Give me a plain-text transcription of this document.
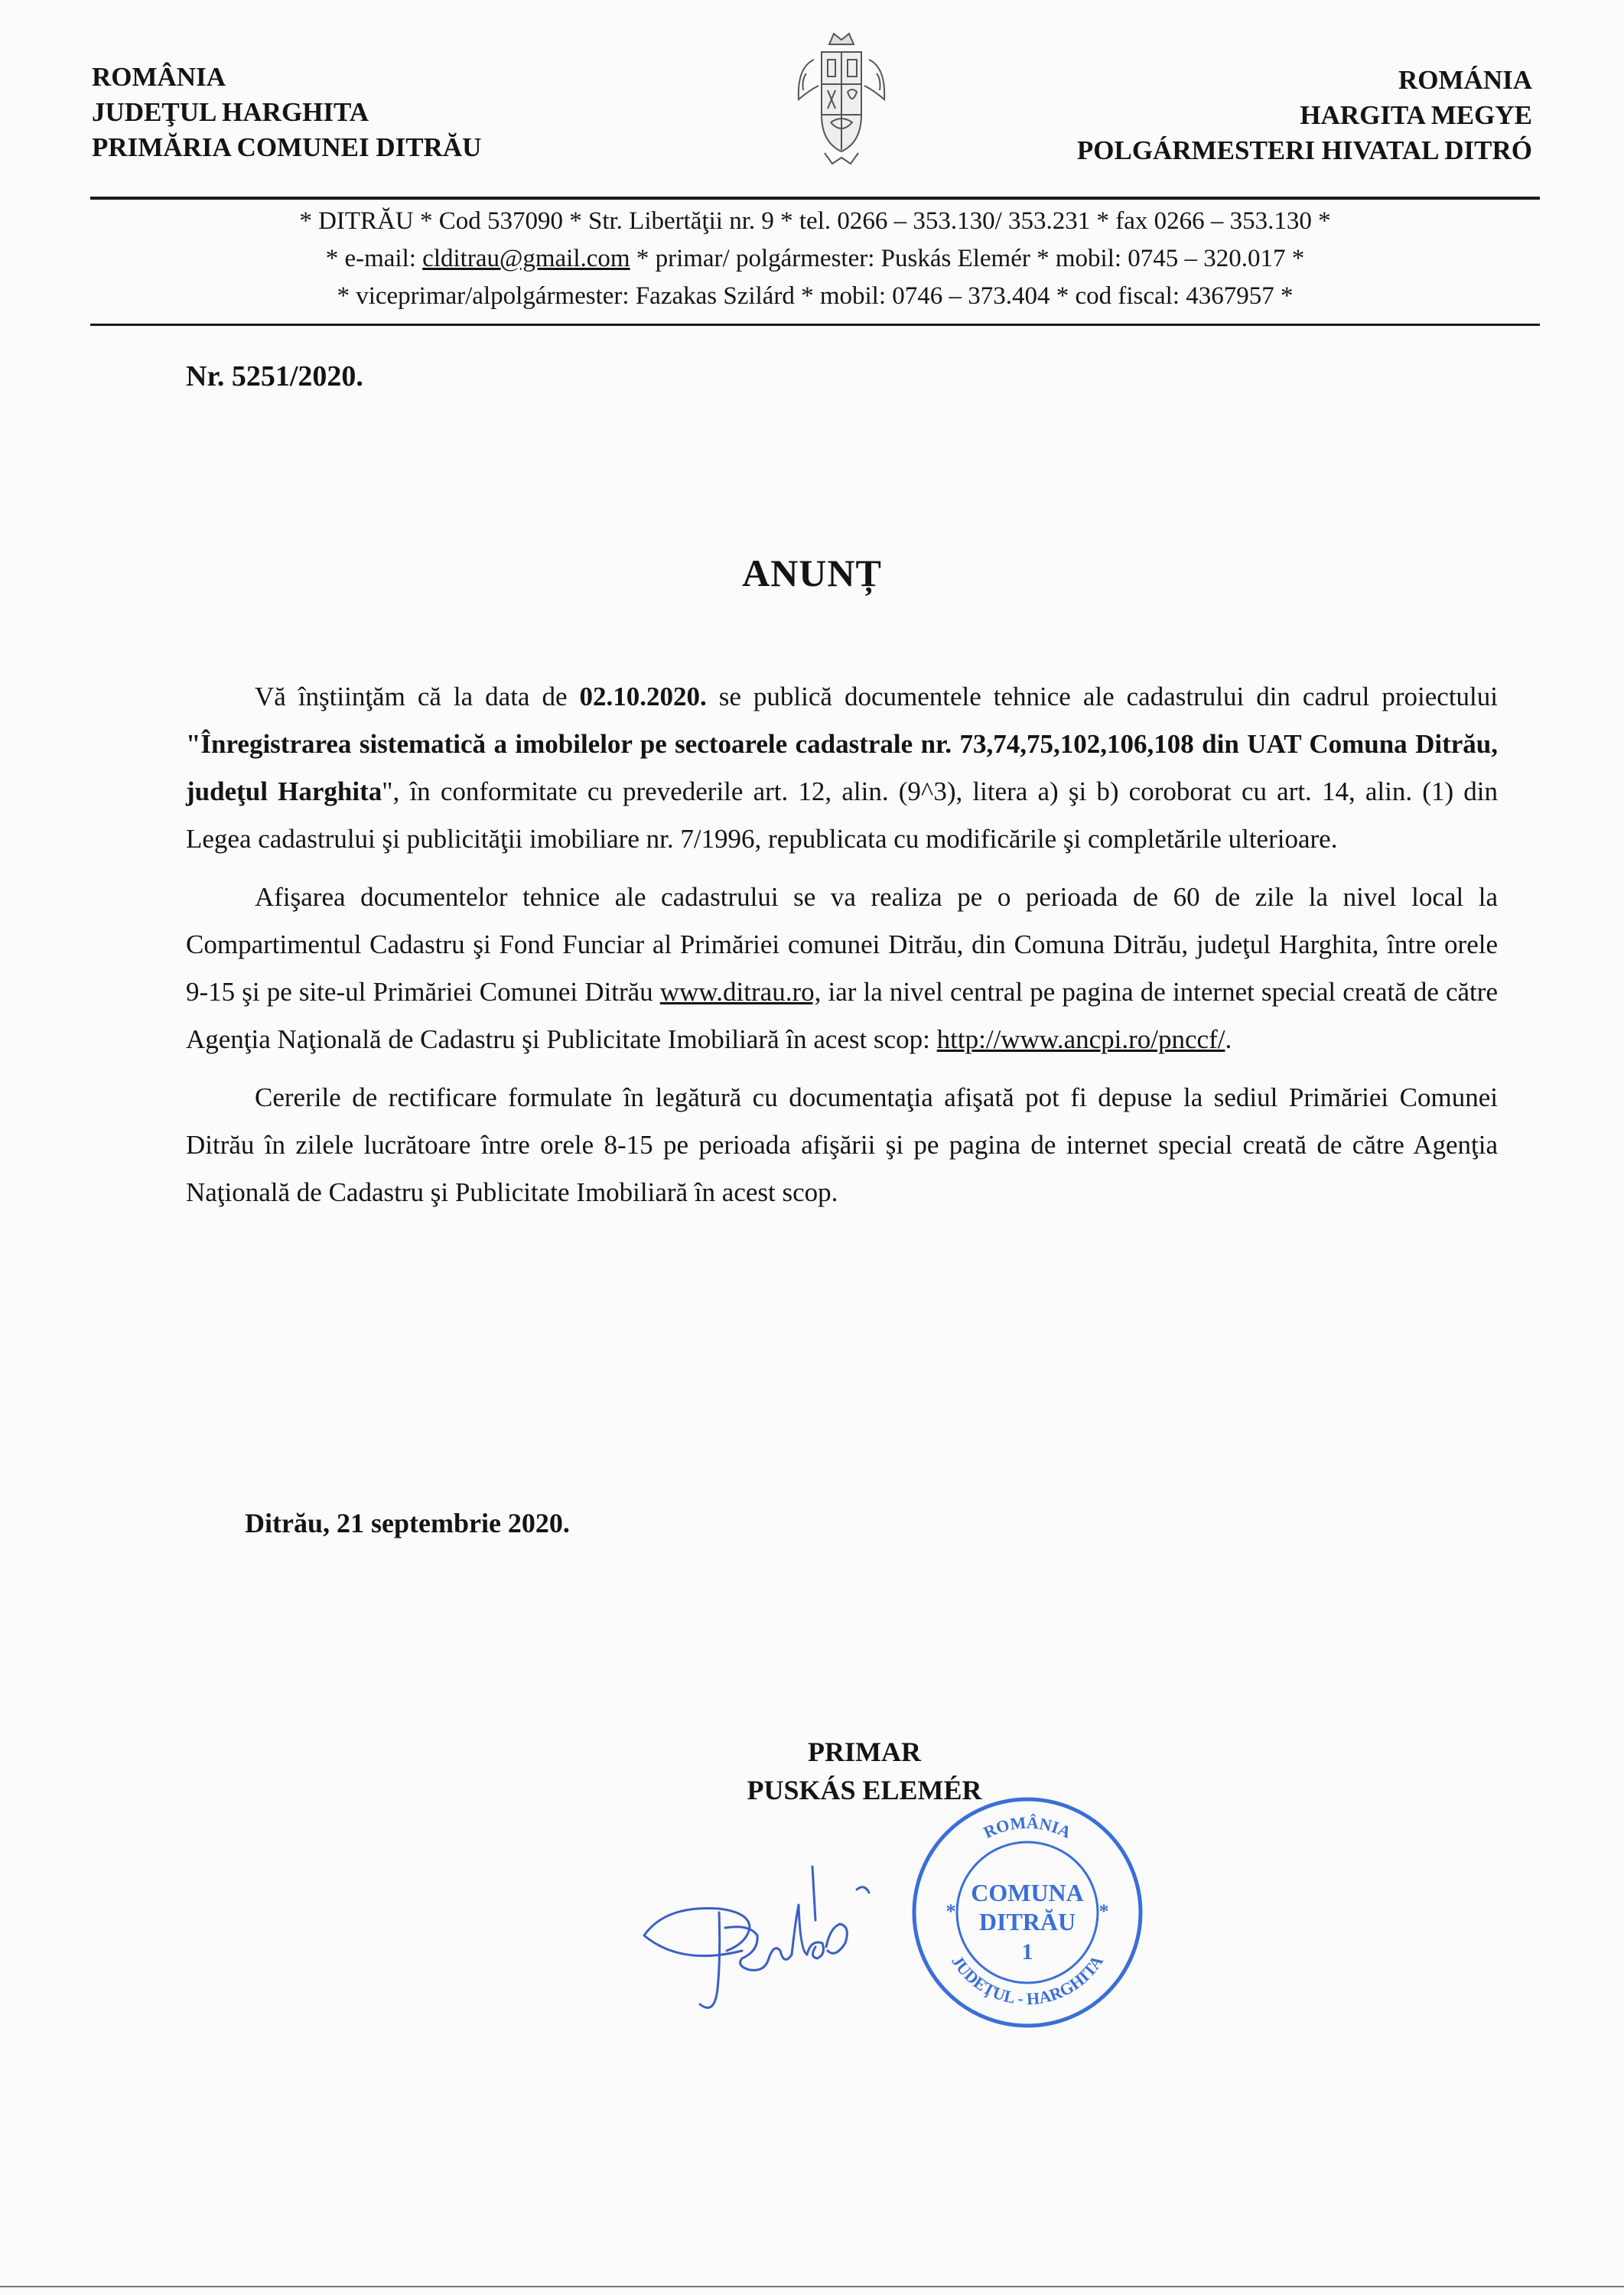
ROMÂNIA
JUDEŢUL HARGHITA
PRIMĂRIA COMUNEI DITRĂU
ROMÁNIA
HARGITA MEGYE
POLGÁRMESTERI HIVATAL DITRÓ
* DITRĂU * Cod 537090 * Str. Libertăţii nr. 9 * tel. 0266 – 353.130/ 353.231 * fax 0266 – 353.130 *
* e-mail: clditrau@gmail.com * primar/ polgármester: Puskás Elemér * mobil: 0745 – 320.017 *
* viceprimar/alpolgármester: Fazakas Szilárd * mobil: 0746 – 373.404 * cod fiscal: 4367957 *
Nr. 5251/2020.
ANUNȚ

Vă înştiinţăm că la data de 02.10.2020. se publică documentele tehnice ale cadastrului din cadrul proiectului "Înregistrarea sistematică a imobilelor pe sectoarele cadastrale nr. 73,74,75,102,106,108 din UAT Comuna Ditrău, judeţul Harghita", în conformitate cu prevederile art. 12, alin. (9^3), litera a) şi b) coroborat cu art. 14, alin. (1) din Legea cadastrului şi publicităţii imobiliare nr. 7/1996, republicata cu modificările şi completările ulterioare.

Afişarea documentelor tehnice ale cadastrului se va realiza pe o perioada de 60 de zile la nivel local la Compartimentul Cadastru şi Fond Funciar al Primăriei comunei Ditrău, din Comuna Ditrău, judeţul Harghita, între orele 9-15 şi pe site-ul Primăriei Comunei Ditrău www.ditrau.ro, iar la nivel central pe pagina de internet special creată de către Agenţia Naţională de Cadastru şi Publicitate Imobiliară în acest scop: http://www.ancpi.ro/pnccf/.

Cererile de rectificare formulate în legătură cu documentaţia afişată pot fi depuse la sediul Primăriei Comunei Ditrău în zilele lucrătoare între orele 8-15 pe perioada afişării şi pe pagina de internet special creată de către Agenţia Naţională de Cadastru şi Publicitate Imobiliară în acest scop.

Ditrău, 21 septembrie 2020.
PRIMAR
PUSKÁS ELEMÉR
ROMÂNIA
JUDEŢUL - HARGHITA
COMUNA
DITRĂU
1
*	*
